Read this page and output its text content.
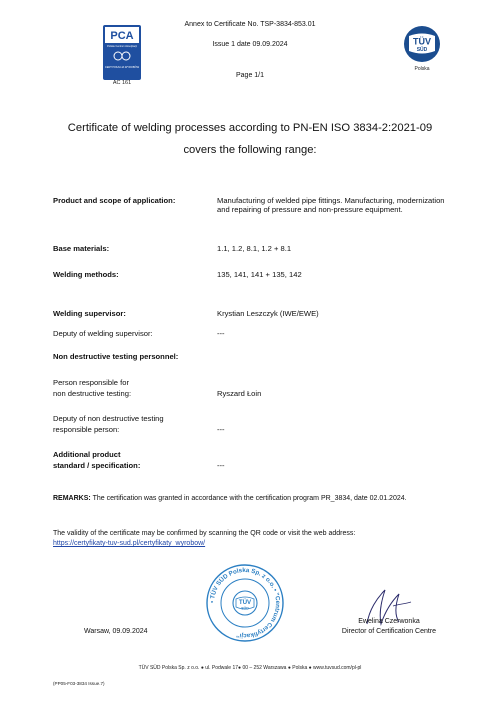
Annex to Certificate No. TSP-3834-853.01
Issue 1 date 09.09.2024
Page 1/1
PCA
Polskie Centrum Akredytacji
CERTYFIKACJA WYROBÓW
AC 161
TÜV
SÜD
Polska
Certificate of welding processes according to PN-EN ISO 3834-2:2021-09
covers the following range:
Product and scope of application:	Manufacturing of welded pipe fittings. Manufacturing, modernization and repairing of pressure and non-pressure equipment.
Base materials:	1.1, 1.2, 8.1, 1.2 + 8.1
Welding methods:	135, 141, 141 + 135, 142
Welding supervisor:	Krystian Leszczyk (IWE/EWE)
Deputy of welding supervisor:	---
Non destructive testing personnel:
Person responsible for
non destructive testing:	Ryszard Łoin
Deputy of non destructive testing
responsible person:	---
Additional product
standard / specification:	---
REMARKS: The certification was granted in accordance with the certification program PR_3834, date 02.01.2024.
The validity of the certificate may be confirmed by scanning the QR code or visit the web address:
https://certyfikaty-tuv-sud.pl/certyfikaty_wyrobow/
• TÜV SÜD Polska Sp. z o.o. • "Centrum Certyfikacji"
TÜV
SÜD
Warsaw, 09.09.2024
Ewelina Czerwonka
Director of Certification Centre
TÜV SÜD Polska Sp. z o.o. ● ul. Podwale 17● 00 – 252 Warszawa ● Polska ● www.tuvsud.com/pl-pl
(PP05-F03-3834 Issue.7)
